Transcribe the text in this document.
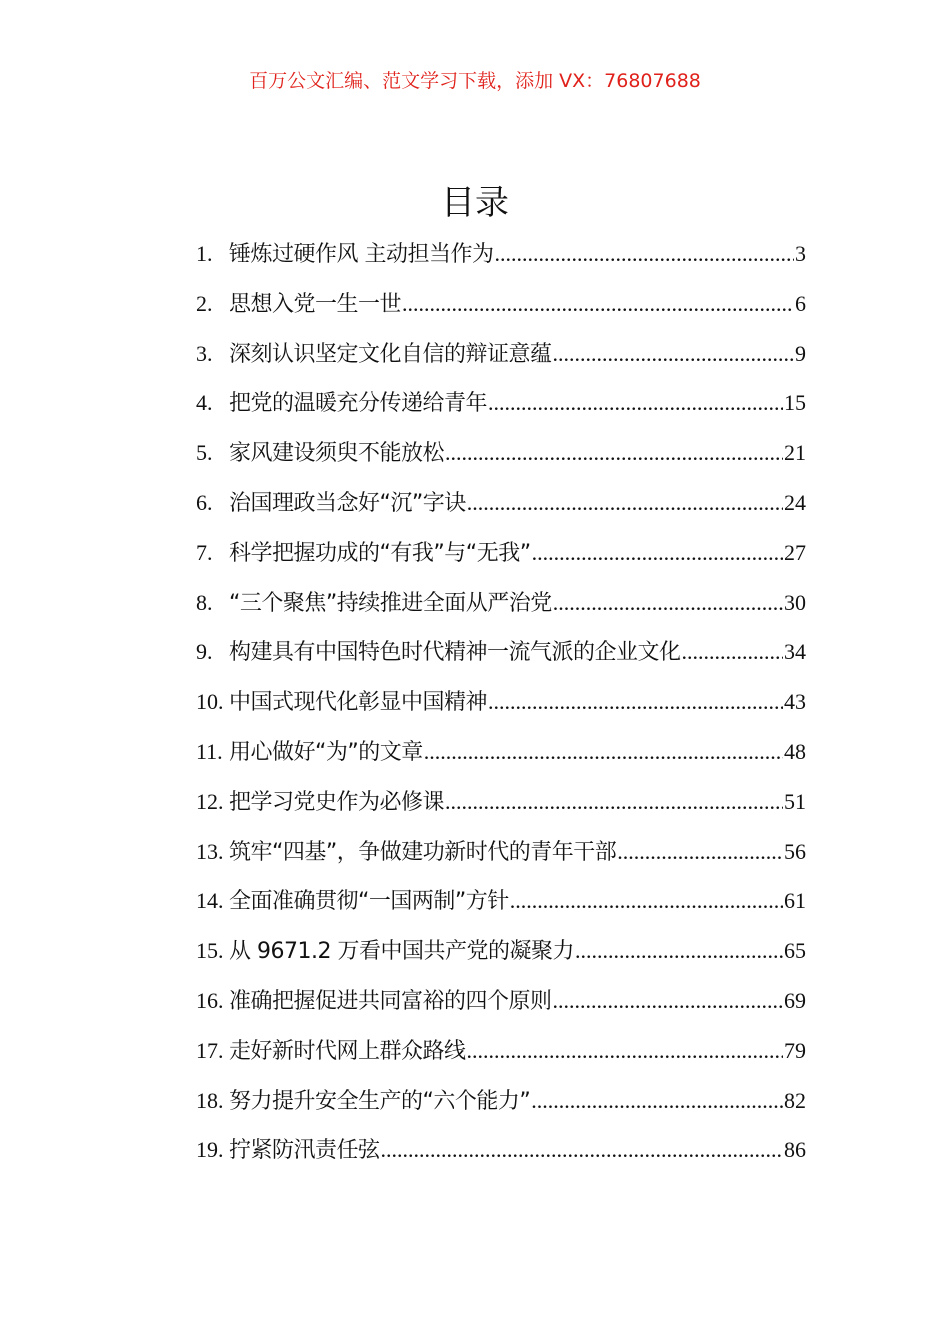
百万公文汇编、范文学习下载，添加 VX：76807688
目录
1. 锤炼过硬作风 主动担当作为 .....	3
2. 思想入党一生一世 .....	6
3. 深刻认识坚定文化自信的辩证意蕴 .....	9
4. 把党的温暖充分传递给青年 .....	15
5. 家风建设须臾不能放松 .....	21
6. 治国理政当念好“沉”字诀 .....	24
7. 科学把握功成的“有我”与“无我” .....	27
8. “三个聚焦”持续推进全面从严治党 .....	30
9. 构建具有中国特色时代精神一流气派的企业文化 .....	34
10. 中国式现代化彰显中国精神 .....	43
11. 用心做好“为”的文章 .....	48
12. 把学习党史作为必修课 .....	51
13. 筑牢“四基”，争做建功新时代的青年干部 .....	56
14. 全面准确贯彻“一国两制”方针 .....	61
15. 从 9671.2 万看中国共产党的凝聚力 .....	65
16. 准确把握促进共同富裕的四个原则 .....	69
17. 走好新时代网上群众路线 .....	79
18. 努力提升安全生产的“六个能力” .....	82
19. 拧紧防汛责任弦 .....	86
